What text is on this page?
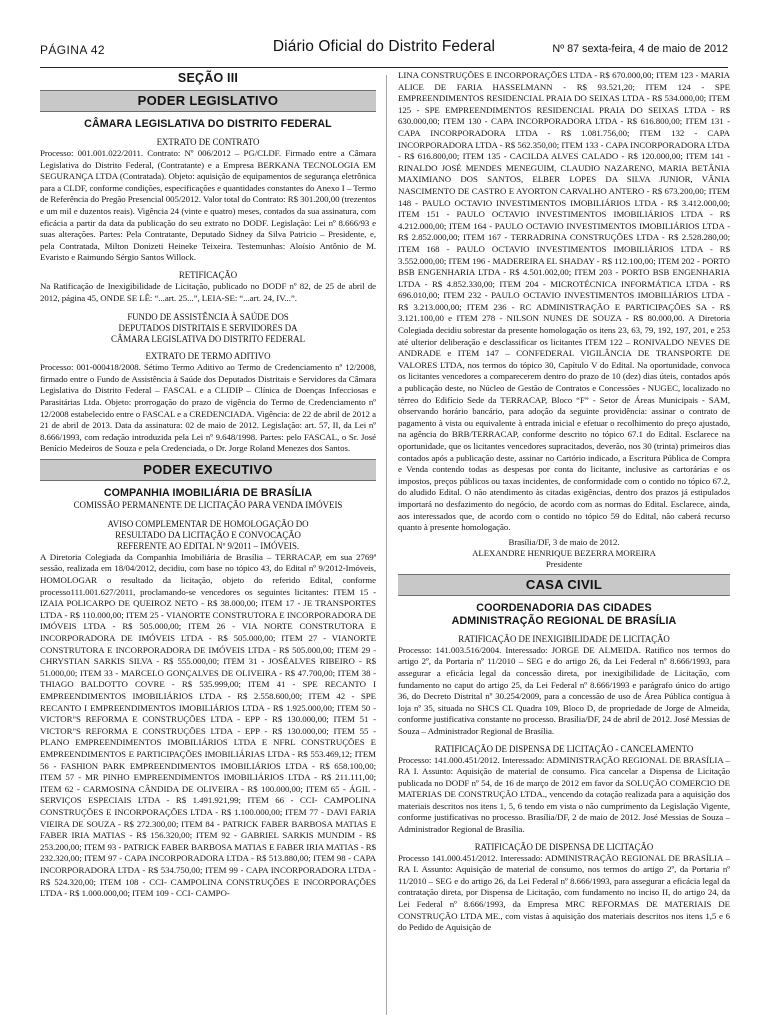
PÁGINA 42	Diário Oficial do Distrito Federal	Nº 87 sexta-feira, 4 de maio de 2012
SEÇÃO III
PODER LEGISLATIVO
CÂMARA LEGISLATIVA DO DISTRITO FEDERAL
EXTRATO DE CONTRATO

Processo: 001.001.022/2011. Contrato: Nº 006/2012 – PG/CLDF. Firmado entre a Câmara Legislativa do Distrito Federal, (Contratante) e a Empresa BERKANA TECNOLOGIA EM SEGURANÇA LTDA (Contratada). Objeto: aquisição de equipamentos de segurança eletrônica para a CLDF, conforme condições, especificações e quantidades constantes do Anexo I – Termo de Referência do Pregão Presencial 005/2012. Valor total do Contrato: R$ 301.200,00 (trezentos e um mil e duzentos reais). Vigência 24 (vinte e quatro) meses, contados da sua assinatura, com eficácia a partir da data da publicação do seu extrato no DODF. Legislação: Lei nº 8.666/93 e suas alterações. Partes: Pela Contratante, Deputado Sidney da Silva Patricio – Presidente, e, pela Contratada, Milton Donizeti Heineke Teixeira. Testemunhas: Aloísio Antônio de M. Evaristo e Raimundo Sérgio Santos Willock.

RETIFICAÇÃO

Na Ratificação de Inexigibilidade de Licitação, publicado no DODF nº 82, de 25 de abril de 2012, página 45, ONDE SE LÊ: “...art. 25...”, LEIA-SE: “...art. 24, IV...”.

FUNDO DE ASSISTÊNCIA À SAÚDE DOS
DEPUTADOS DISTRITAIS E SERVIDORES DA
CÂMARA LEGISLATIVA DO DISTRITO FEDERAL
EXTRATO DE TERMO ADITIVO

Processo: 001-000418/2008. Sétimo Termo Aditivo ao Termo de Credenciamento nº 12/2008, firmado entre o Fundo de Assistência à Saúde dos Deputados Distritais e Servidores da Câmara Legislativa do Distrito Federal – FASCAL e a CLIDIP – Clínica de Doenças Infecciosas e Parasitárias Ltda. Objeto: prorrogação do prazo de vigência do Termo de Credenciamento nº 12/2008 estabelecido entre o FASCAL e a CREDENCIADA. Vigência: de 22 de abril de 2012 a 21 de abril de 2013. Data da assinatura: 02 de maio de 2012. Legislação: art. 57, II, da Lei nº 8.666/1993, com redação introduzida pela Lei nº 9.648/1998. Partes: pelo FASCAL, o Sr. José Benício Medeiros de Souza e pela Credenciada, o Dr. Jorge Roland Menezes dos Santos.

PODER EXECUTIVO
COMPANHIA IMOBILIÁRIA DE BRASÍLIA
COMISSÃO PERMANENTE DE LICITAÇÃO PARA VENDA IMÓVEIS
AVISO COMPLEMENTAR DE HOMOLOGAÇÃO DO
RESULTADO DA LICITAÇÃO E CONVOCAÇÃO
REFERENTE AO EDITAL Nº 9/2011 – IMÓVEIS.

A Diretoria Colegiada da Companhia Imobiliária de Brasília – TERRACAP, em sua 2769ª sessão, realizada em 18/04/2012, decidiu, com base no tópico 43, do Edital nº 9/2012-Imóveis, HOMOLOGAR o resultado da licitação, objeto do referido Edital, conforme processo111.001.627/2011, proclamando-se vencedores os seguintes licitantes: ITEM 15 - IZAIA POLICARPO DE QUEIROZ NETO - R$ 38.000,00; ITEM 17 - JE TRANSPORTES LTDA - R$ 110.000,00; ITEM 25 - VIANORTE CONSTRUTORA E INCORPORADORA DE IMÓVEIS LTDA - R$ 505.000,00; ITEM 26 - VIA NORTE CONSTRUTORA E INCORPORADORA DE IMÓVEIS LTDA - R$ 505.000,00; ITEM 27 - VIANORTE CONSTRUTORA E INCORPORADORA DE IMÓVEIS LTDA - R$ 505.000,00; ITEM 29 - CHRYSTIAN SARKIS SILVA - R$ 555.000,00; ITEM 31 - JOSÉALVES RIBEIRO - R$ 51.000,00; ITEM 33 - MARCELO GONÇALVES DE OLIVEIRA - R$ 47.700,00; ITEM 38 - THIAGO BALDOTTO COVRE - R$ 535.999,00; ITEM 41 - SPE RECANTO I EMPREENDIMENTOS IMOBILIÁRIOS LTDA - R$ 2.558.600,00; ITEM 42 - SPE RECANTO I EMPREENDIMENTOS IMOBILIÁRIOS LTDA - R$ 1.925.000,00; ITEM 50 - VICTOR"S REFORMA E CONSTRUÇÕES LTDA - EPP - R$ 130.000,00; ITEM 51 - VICTOR"S REFORMA E CONSTRUÇÕES LTDA - EPP - R$ 130.000,00; ITEM 55 - PLANO EMPREENDIMENTOS IMOBILIÁRIOS LTDA E NFRL CONSTRUÇÕES E EMPREENDIMENTOS E PARTICIPAÇÕES IMOBILIÁRIAS LTDA - R$ 553.469,12; ITEM 56 - FASHION PARK EMPREENDIMENTOS IMOBILIÁRIOS LTDA - R$ 658.100,00; ITEM 57 - MR PINHO EMPREENDIMENTOS IMOBILIÁRIOS LTDA - R$ 211.111,00; ITEM 62 - CARMOSINA CÂNDIDA DE OLIVEIRA - R$ 100.000,00; ITEM 65 - ÁGIL - SERVIÇOS ESPECIAIS LTDA - R$ 1.491.921,99; ITEM 66 - CCI- CAMPOLINA CONSTRUÇÕES E INCORPORAÇÕES LTDA - R$ 1.100.000,00; ITEM 77 - DAVI FARIA VIEIRA DE SOUZA - R$ 272.300,00; ITEM 84 - PATRICK FABER BARBOSA MATIAS E FABER IRIA MATIAS - R$ 156.320,00; ITEM 92 - GABRIEL SARKIS MUNDIM - R$ 253.200,00; ITEM 93 - PATRICK FABER BARBOSA MATIAS E FABER IRIA MATIAS - R$ 232.320,00; ITEM 97 - CAPA INCORPORADORA LTDA - R$ 513.880,00; ITEM 98 - CAPA INCORPORADORA LTDA - R$ 534.750,00; ITEM 99 - CAPA INCORPORADORA LTDA - R$ 524.320,00; ITEM 108 - CCI- CAMPOLINA CONSTRUÇÕES E INCORPORAÇÕES LTDA - R$ 1.000.000,00; ITEM 109 - CCI- CAMPO-

LINA CONSTRUÇÕES E INCORPORAÇÕES LTDA - R$ 670.000,00; ITEM 123 - MARIA ALICE DE FARIA HASSELMANN - R$ 93.521,20; ITEM 124 - SPE EMPREENDIMENTOS RESIDENCIAL PRAIA DO SEIXAS LTDA - R$ 534.000,00; ITEM 125 - SPE EMPREENDIMENTOS RESIDENCIAL PRAIA DO SEIXAS LTDA - R$ 630.000,00; ITEM 130 - CAPA INCORPORADORA LTDA - R$ 616.800,00; ITEM 131 - CAPA INCORPORADORA LTDA - R$ 1.081.756,00; ITEM 132 - CAPA INCORPORADORA LTDA - R$ 562.350,00; ITEM 133 - CAPA INCORPORADORA LTDA - R$ 616.800,00; ITEM 135 - CACILDA ALVES CALADO - R$ 120.000,00; ITEM 141 - RINALDO JOSÉ MENDES MENEGUIM, CLAUDIO NAZARENO, MARIA BETÂNIA MAXIMIANO DOS SANTOS, ELBER LOPES DA SILVA JUNIOR, VÂNIA NASCIMENTO DE CASTRO E AYORTON CARVALHO ANTERO - R$ 673.200,00; ITEM 148 - PAULO OCTAVIO INVESTIMENTOS IMOBILIÁRIOS LTDA - R$ 3.412.000,00; ITEM 151 - PAULO OCTAVIO INVESTIMENTOS IMOBILIÁRIOS LTDA - R$ 4.212.000,00; ITEM 164 - PAULO OCTAVIO INVESTIMENTOS IMOBILIÁRIOS LTDA - R$ 2.852.000,00; ITEM 167 - TERRADRINA CONSTRUÇÕES LTDA - R$ 2.528.280,00; ITEM 168 - PAULO OCTAVIO INVESTIMENTOS IMOBILIÁRIOS LTDA - R$ 3.552.000,00; ITEM 196 - MADEREIRA EL SHADAY - R$ 112.100,00; ITEM 202 - PORTO BSB ENGENHARIA LTDA - R$ 4.501.002,00; ITEM 203 - PORTO BSB ENGENHARIA LTDA - R$ 4.852.330,00; ITEM 204 - MICROTÉCNICA INFORMÁTICA LTDA - R$ 696.010,00; ITEM 232 - PAULO OCTAVIO INVESTIMENTOS IMOBILIÁRIOS LTDA - R$ 3.213.000,00; ITEM 236 - RC ADMINISTRAÇÃO E PARTICIPAÇÕES SA - R$ 3.121.100,00 e ITEM 278 - NILSON NUNES DE SOUZA - R$ 80.000,00. A Diretoria Colegiada decidiu sobrestar da presente homologação os itens 23, 63, 79, 192, 197, 201, e 253 até ulterior deliberação e desclassificar os licitantes ITEM 122 – RONIVALDO NEVES DE ANDRADE e ITEM 147 – CONFEDERAL VIGILÂNCIA DE TRANSPORTE DE VALORES LTDA, nos termos do tópico 30, Capítulo V do Edital. Na oportunidade, convoca os licitantes vencedores a comparecerem dentro do prazo de 10 (dez) dias úteis, contados após a publicação deste, no Núcleo de Gestão de Contratos e Concessões - NUGEC, localizado no térreo do Edifício Sede da TERRACAP, Bloco “F” - Setor de Áreas Municipais - SAM, observando horário bancário, para adoção da seguinte providência: assinar o contrato de pagamento à vista ou equivalente à entrada inicial e efetuar o recolhimento do preço ajustado, na agência do BRB/TERRACAP, conforme descrito no tópico 67.1 do Edital. Esclarece na oportunidade, que os licitantes vencedores supracitados, deverão, nos 30 (trinta) primeiros dias contados após a publicação deste, assinar no Cartório indicado, a Escritura Pública de Compra e Venda contendo todas as despesas por conta do licitante, inclusive as cartorárias e os impostos, preços públicos ou taxas incidentes, de conformidade com o contido no tópico 67.2, do aludido Edital. O não atendimento às citadas exigências, dentro dos prazos já estipulados importará no desfazimento do negócio, de acordo com as normas do Edital. Esclarece, ainda, aos interessados que, de acordo com o contido no tópico 59 do Edital, não caberá recurso quanto à presente homologação.

Brasília/DF, 3 de maio de 2012.
ALEXANDRE HENRIQUE BEZERRA MOREIRA
Presidente
CASA CIVIL
COORDENADORIA DAS CIDADES
ADMINISTRAÇÃO REGIONAL DE BRASÍLIA
RATIFICAÇÃO DE INEXIGIBILIDADE DE LICITAÇÃO

Processo: 141.003.516/2004. Interessado: JORGE DE ALMEIDA. Ratifico nos termos do artigo 2º, da Portaria nº 11/2010 – SEG e do artigo 26, da Lei Federal nº 8.666/1993, para assegurar a eficácia legal da concessão direta, por inexigibilidade de Licitação, com fundamento no caput do artigo 25, da Lei Federal nº 8.666/1993 e parágrafo único do artigo 36, do Decreto Distrital nº 30.254/2009, para a concessão de uso de Área Pública contígua à loja nº 35, situada no SHCS CL Quadra 109, Bloco D, de propriedade de Jorge de Almeida, conforme justificativa constante no processo. Brasília/DF, 24 de abril de 2012. José Messias de Souza – Administrador Regional de Brasília.

RATIFICAÇÃO DE DISPENSA DE LICITAÇÃO - CANCELAMENTO

Processo: 141.000.451/2012. Interessado: ADMINISTRAÇÃO REGIONAL DE BRASÍLIA – RA I. Assunto: Aquisição de material de consumo. Fica cancelar a Dispensa de Licitação publicada no DODF nº 54, de 16 de março de 2012 em favor da SOLUÇÃO COMERCIO DE MATERIAS DE CONSTRUÇÃO LTDA., vencendo da cotação realizada para a aquisição dos materiais descritos nos itens 1, 5, 6 tendo em vista o não cumprimento da Legislação Vigente, conforme justificativas no processo. Brasília/DF, 2 de maio de 2012. José Messias de Souza – Administrador Regional de Brasília.

RATIFICAÇÃO DE DISPENSA DE LICITAÇÃO

Processo 141.000.451/2012. Interessado: ADMINISTRAÇÃO REGIONAL DE BRASÍLIA – RA I. Assunto: Aquisição de material de consumo, nos termos do artigo 2º, da Portaria nº 11/2010 – SEG e do artigo 26, da Lei Federal nº 8.666/1993, para assegurar a eficácia legal da contratação direta, por Dispensa de Licitação, com fundamento no inciso II, do artigo 24, da Lei Federal nº 8.666/1993, da Empresa MRC REFORMAS DE MATERIAIS DE CONSTRUÇÃO LTDA ME., com vistas à aquisição dos materiais descritos nos itens 1,5 e 6 do Pedido de Aquisição de
